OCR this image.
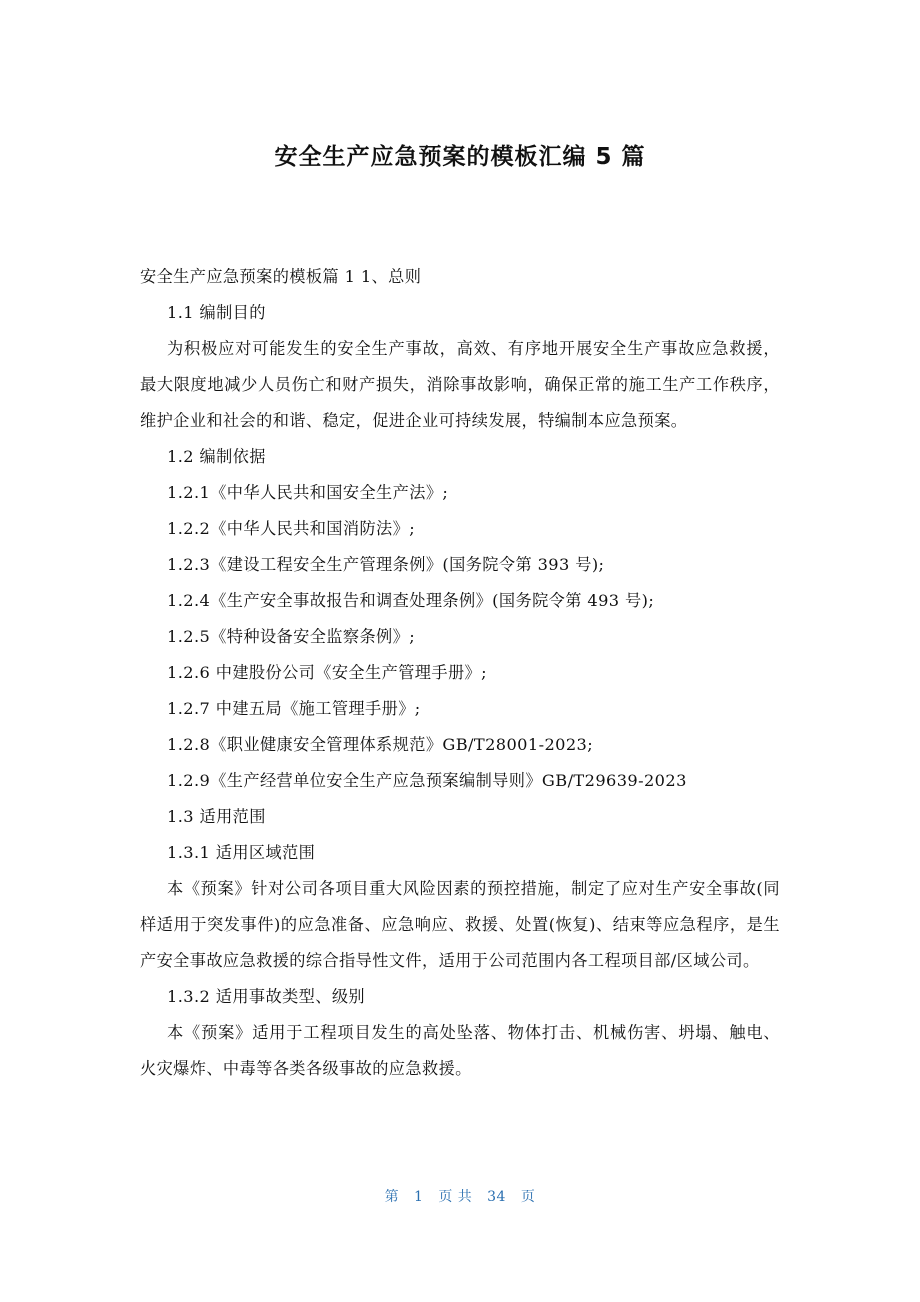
安全生产应急预案的模板汇编 5 篇

安全生产应急预案的模板篇 1 1、总则

1.1 编制目的

为积极应对可能发生的安全生产事故，高效、有序地开展安全生产事故应急救援，最大限度地减少人员伤亡和财产损失，消除事故影响，确保正常的施工生产工作秩序，维护企业和社会的和谐、稳定，促进企业可持续发展，特编制本应急预案。

1.2 编制依据

1.2.1《中华人民共和国安全生产法》;

1.2.2《中华人民共和国消防法》;

1.2.3《建设工程安全生产管理条例》(国务院令第 393 号);

1.2.4《生产安全事故报告和调查处理条例》(国务院令第 493 号);

1.2.5《特种设备安全监察条例》;

1.2.6 中建股份公司《安全生产管理手册》;

1.2.7 中建五局《施工管理手册》;

1.2.8《职业健康安全管理体系规范》GB/T28001-2023;

1.2.9《生产经营单位安全生产应急预案编制导则》GB/T29639-2023

1.3 适用范围

1.3.1 适用区域范围

本《预案》针对公司各项目重大风险因素的预控措施，制定了应对生产安全事故(同样适用于突发事件)的应急准备、应急响应、救援、处置(恢复)、结束等应急程序，是生产安全事故应急救援的综合指导性文件，适用于公司范围内各工程项目部/区域公司。

1.3.2 适用事故类型、级别

本《预案》适用于工程项目发生的高处坠落、物体打击、机械伤害、坍塌、触电、火灾爆炸、中毒等各类各级事故的应急救援。

第 1 页 共 34 页
